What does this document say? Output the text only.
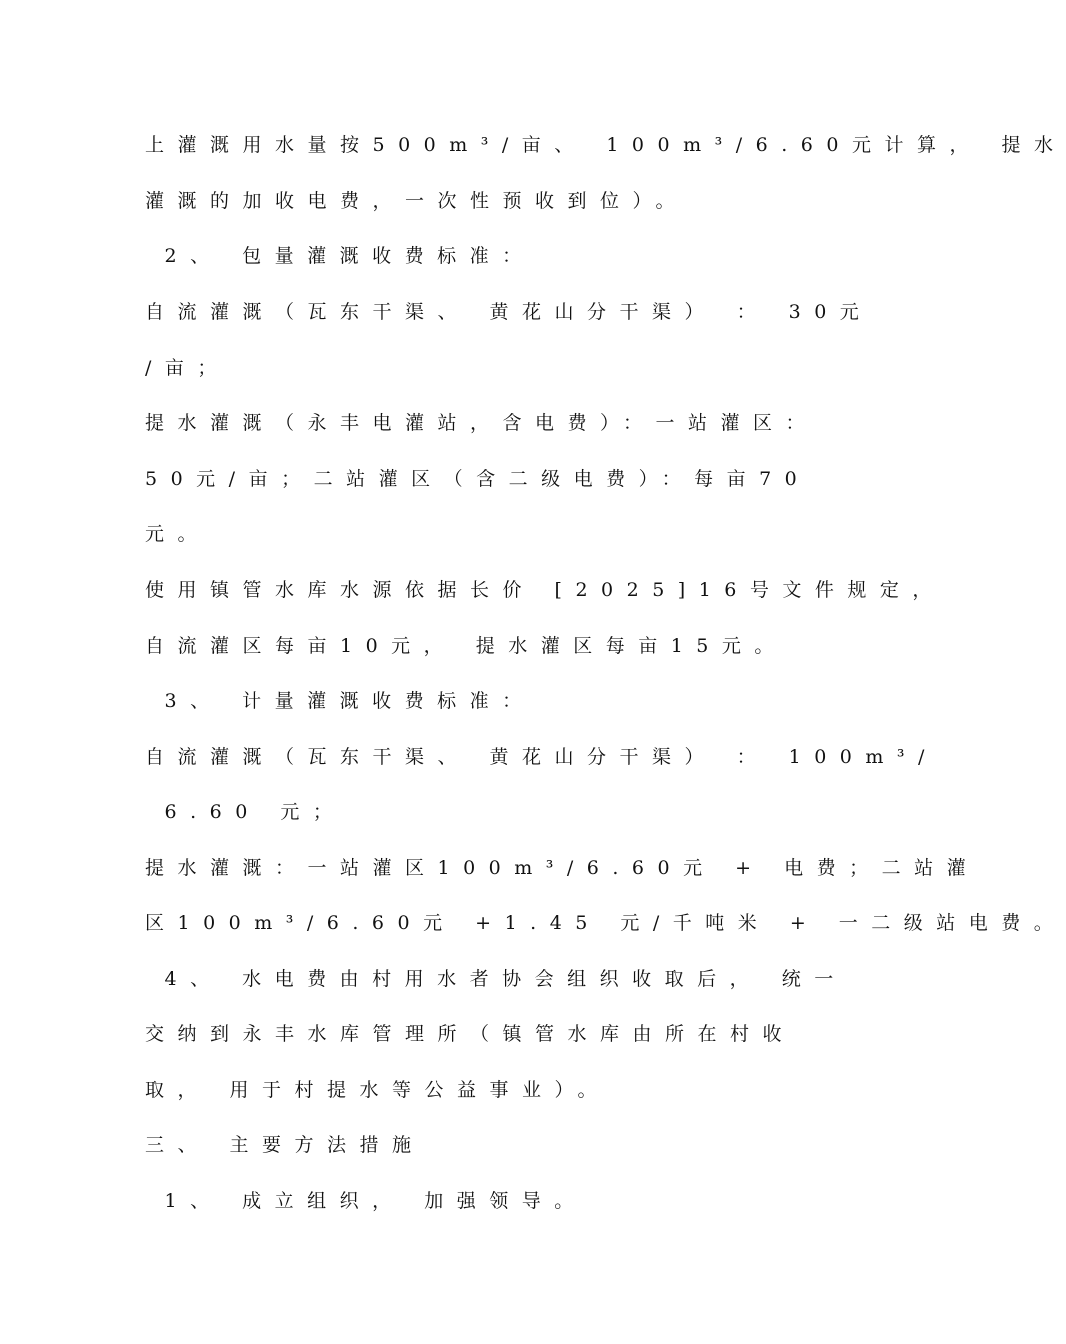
上灌溉用水量按500m³/亩、 100m³/6.60元计算， 提水

灌溉的加收电费，一次性预收到位）。

2、 包量灌溉收费标准：

自流灌溉（瓦东干渠、 黄花山分干渠） ： 30元

/亩；

提水灌溉（永丰电灌站，含电费）：一站灌区：

50元/亩；二站灌区（含二级电费）：每亩70

元。

使用镇管水库水源依据长价 [2025]16号文件规定，

自流灌区每亩10元， 提水灌区每亩15元。

3、 计量灌溉收费标准：

自流灌溉（瓦东干渠、 黄花山分干渠） ： 100m³/

6.60 元；

提水灌溉：一站灌区100m³/6.60元 + 电费；二站灌

区100m³/6.60元 +1.45 元/千吨米 + 一二级站电费。

4、 水电费由村用水者协会组织收取后， 统一

交纳到永丰水库管理所（镇管水库由所在村收

取， 用于村提水等公益事业）。

三、 主要方法措施

1、 成立组织， 加强领导。
